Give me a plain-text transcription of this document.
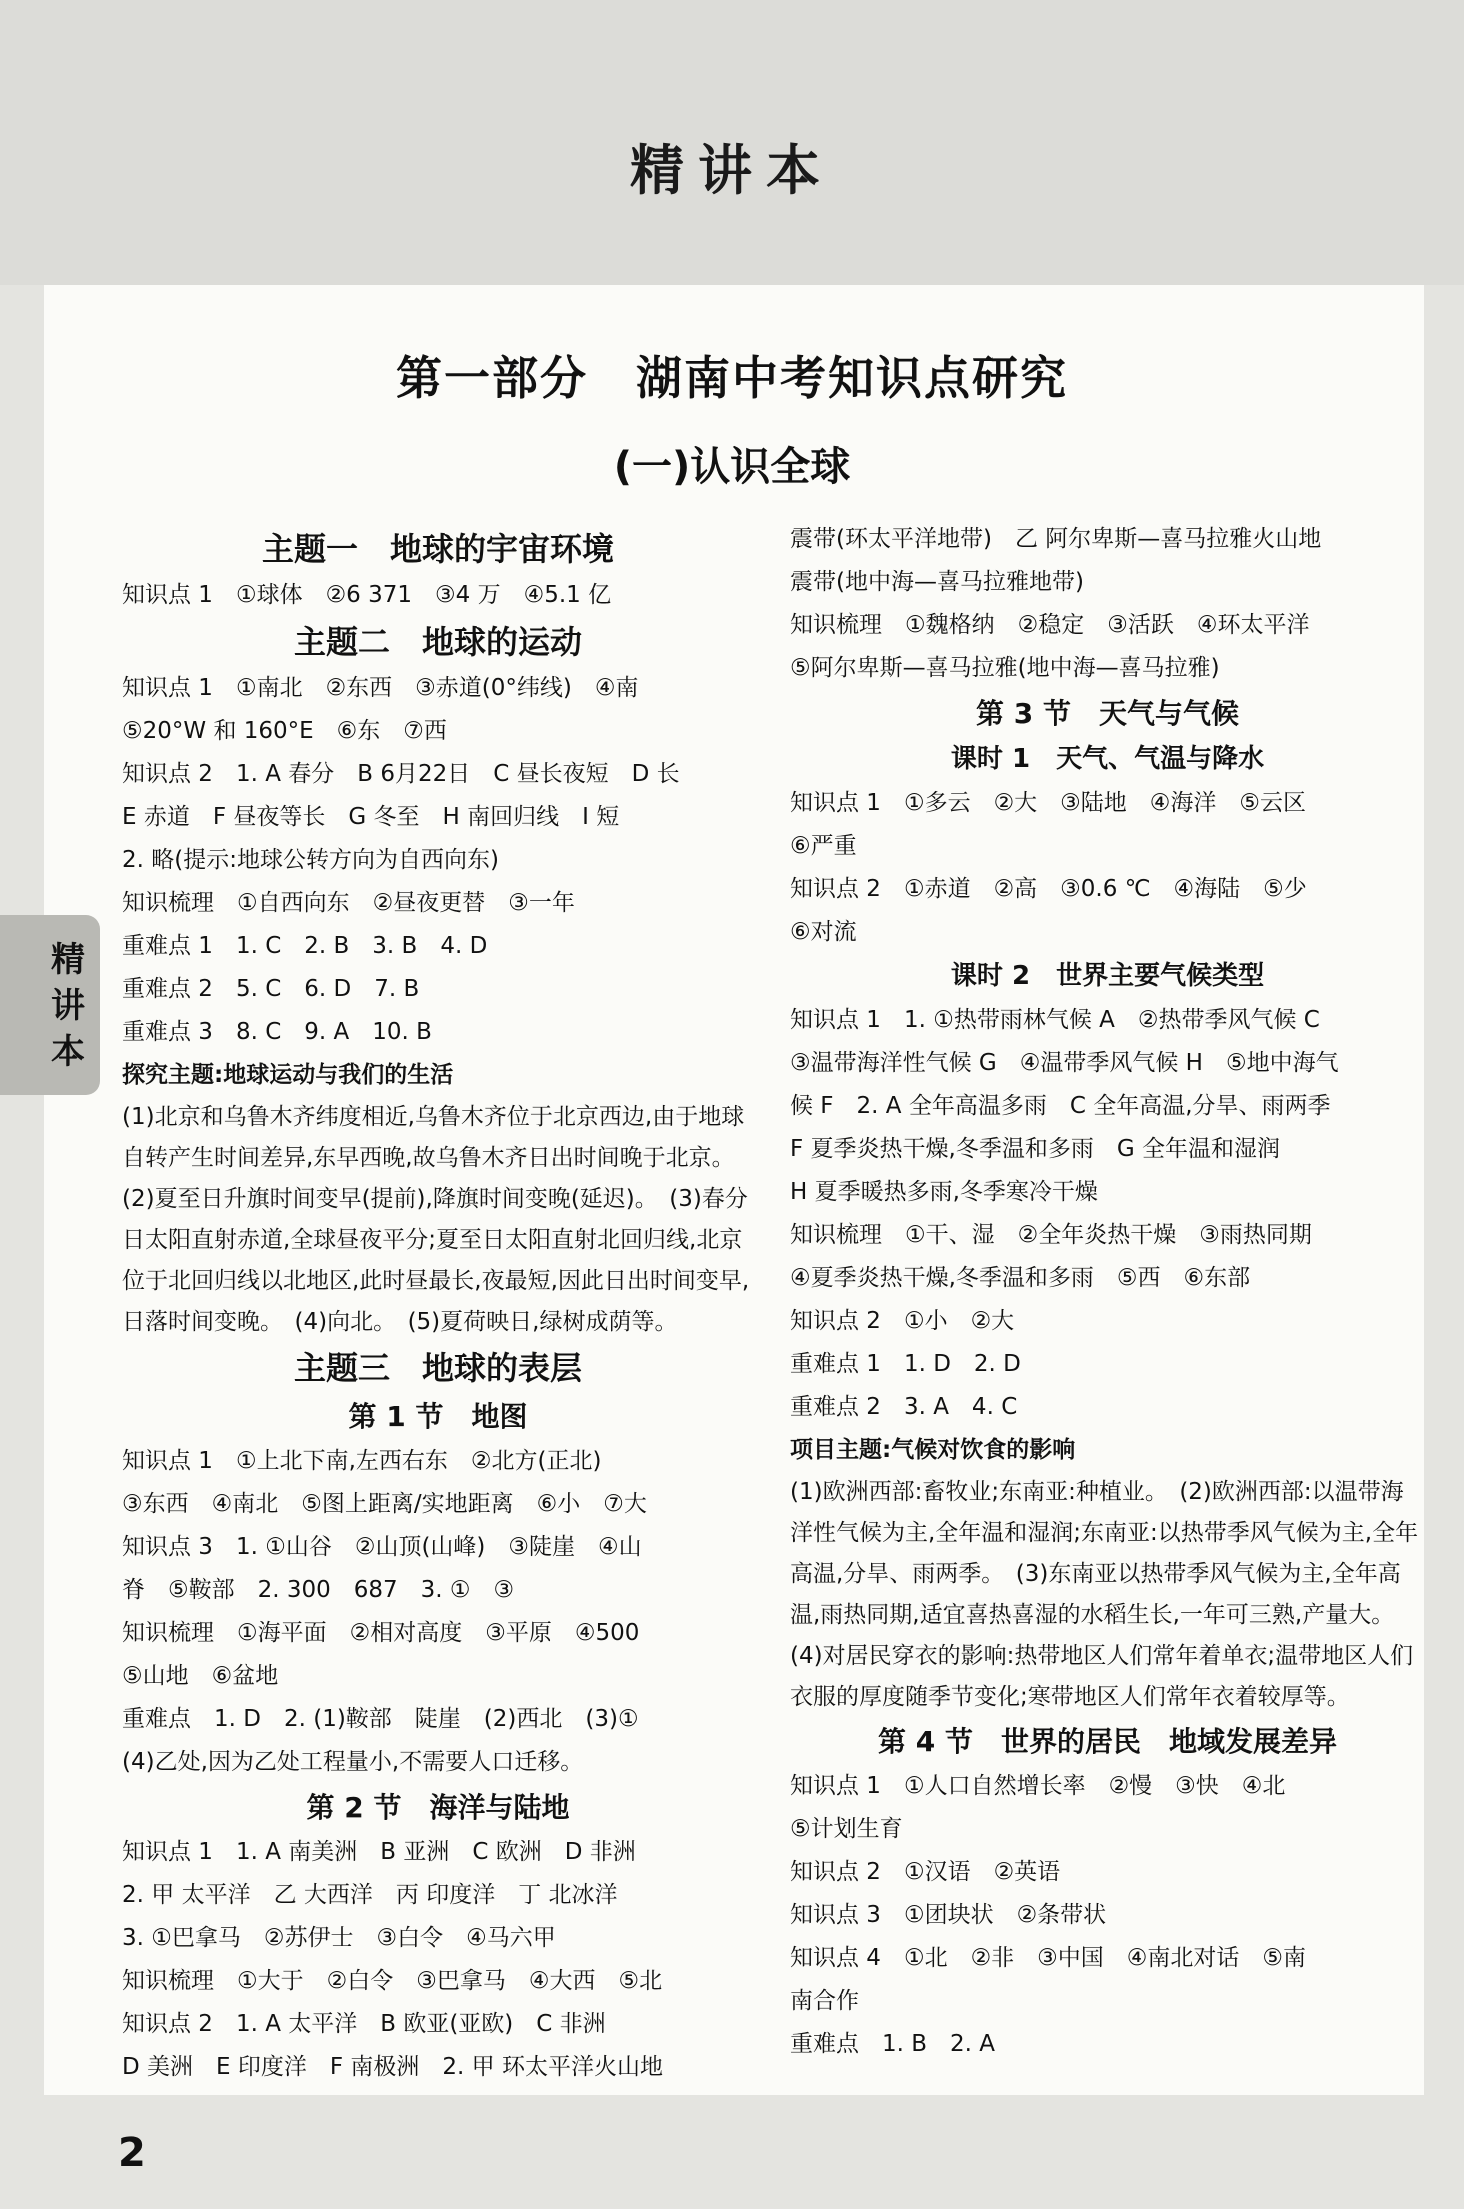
精讲本
第一部分　湖南中考知识点研究
(一)认识全球
精讲本
主题一　地球的宇宙环境
知识点 1　①球体　②6 371　③4 万　④5.1 亿
主题二　地球的运动
知识点 1　①南北　②东西　③赤道(0°纬线)　④南
⑤20°W 和 160°E　⑥东　⑦西
知识点 2　1. A 春分　B 6月22日　C 昼长夜短　D 长
E 赤道　F 昼夜等长　G 冬至　H 南回归线　I 短
2. 略(提示:地球公转方向为自西向东)
知识梳理　①自西向东　②昼夜更替　③一年
重难点 1　1. C　2. B　3. B　4. D
重难点 2　5. C　6. D　7. B
重难点 3　8. C　9. A　10. B
探究主题:地球运动与我们的生活
(1)北京和乌鲁木齐纬度相近,乌鲁木齐位于北京西边,由于地球自转产生时间差异,东早西晚,故乌鲁木齐日出时间晚于北京。　(2)夏至日升旗时间变早(提前),降旗时间变晚(延迟)。　(3)春分日太阳直射赤道,全球昼夜平分;夏至日太阳直射北回归线,北京位于北回归线以北地区,此时昼最长,夜最短,因此日出时间变早,日落时间变晚。　(4)向北。　(5)夏荷映日,绿树成荫等。
主题三　地球的表层
第 1 节　地图
知识点 1　①上北下南,左西右东　②北方(正北)
③东西　④南北　⑤图上距离/实地距离　⑥小　⑦大
知识点 3　1. ①山谷　②山顶(山峰)　③陡崖　④山
脊　⑤鞍部　2. 300　687　3. ①　③
知识梳理　①海平面　②相对高度　③平原　④500
⑤山地　⑥盆地
重难点　1. D　2. (1)鞍部　陡崖　(2)西北　(3)①
(4)乙处,因为乙处工程量小,不需要人口迁移。
第 2 节　海洋与陆地
知识点 1　1. A 南美洲　B 亚洲　C 欧洲　D 非洲
2. 甲 太平洋　乙 大西洋　丙 印度洋　丁 北冰洋
3. ①巴拿马　②苏伊士　③白令　④马六甲
知识梳理　①大于　②白令　③巴拿马　④大西　⑤北
知识点 2　1. A 太平洋　B 欧亚(亚欧)　C 非洲
D 美洲　E 印度洋　F 南极洲　2. 甲 环太平洋火山地
震带(环太平洋地带)　乙 阿尔卑斯—喜马拉雅火山地
震带(地中海—喜马拉雅地带)
知识梳理　①魏格纳　②稳定　③活跃　④环太平洋
⑤阿尔卑斯—喜马拉雅(地中海—喜马拉雅)
第 3 节　天气与气候
课时 1　天气、气温与降水
知识点 1　①多云　②大　③陆地　④海洋　⑤云区
⑥严重
知识点 2　①赤道　②高　③0.6 ℃　④海陆　⑤少
⑥对流
课时 2　世界主要气候类型
知识点 1　1. ①热带雨林气候 A　②热带季风气候 C
③温带海洋性气候 G　④温带季风气候 H　⑤地中海气
候 F　2. A 全年高温多雨　C 全年高温,分旱、雨两季
F 夏季炎热干燥,冬季温和多雨　G 全年温和湿润
H 夏季暖热多雨,冬季寒冷干燥
知识梳理　①干、湿　②全年炎热干燥　③雨热同期
④夏季炎热干燥,冬季温和多雨　⑤西　⑥东部
知识点 2　①小　②大
重难点 1　1. D　2. D
重难点 2　3. A　4. C
项目主题:气候对饮食的影响
(1)欧洲西部:畜牧业;东南亚:种植业。　(2)欧洲西部:以温带海洋性气候为主,全年温和湿润;东南亚:以热带季风气候为主,全年高温,分旱、雨两季。　(3)东南亚以热带季风气候为主,全年高温,雨热同期,适宜喜热喜湿的水稻生长,一年可三熟,产量大。　(4)对居民穿衣的影响:热带地区人们常年着单衣;温带地区人们衣服的厚度随季节变化;寒带地区人们常年衣着较厚等。
第 4 节　世界的居民　地域发展差异
知识点 1　①人口自然增长率　②慢　③快　④北
⑤计划生育
知识点 2　①汉语　②英语
知识点 3　①团块状　②条带状
知识点 4　①北　②非　③中国　④南北对话　⑤南
南合作
重难点　1. B　2. A
2
